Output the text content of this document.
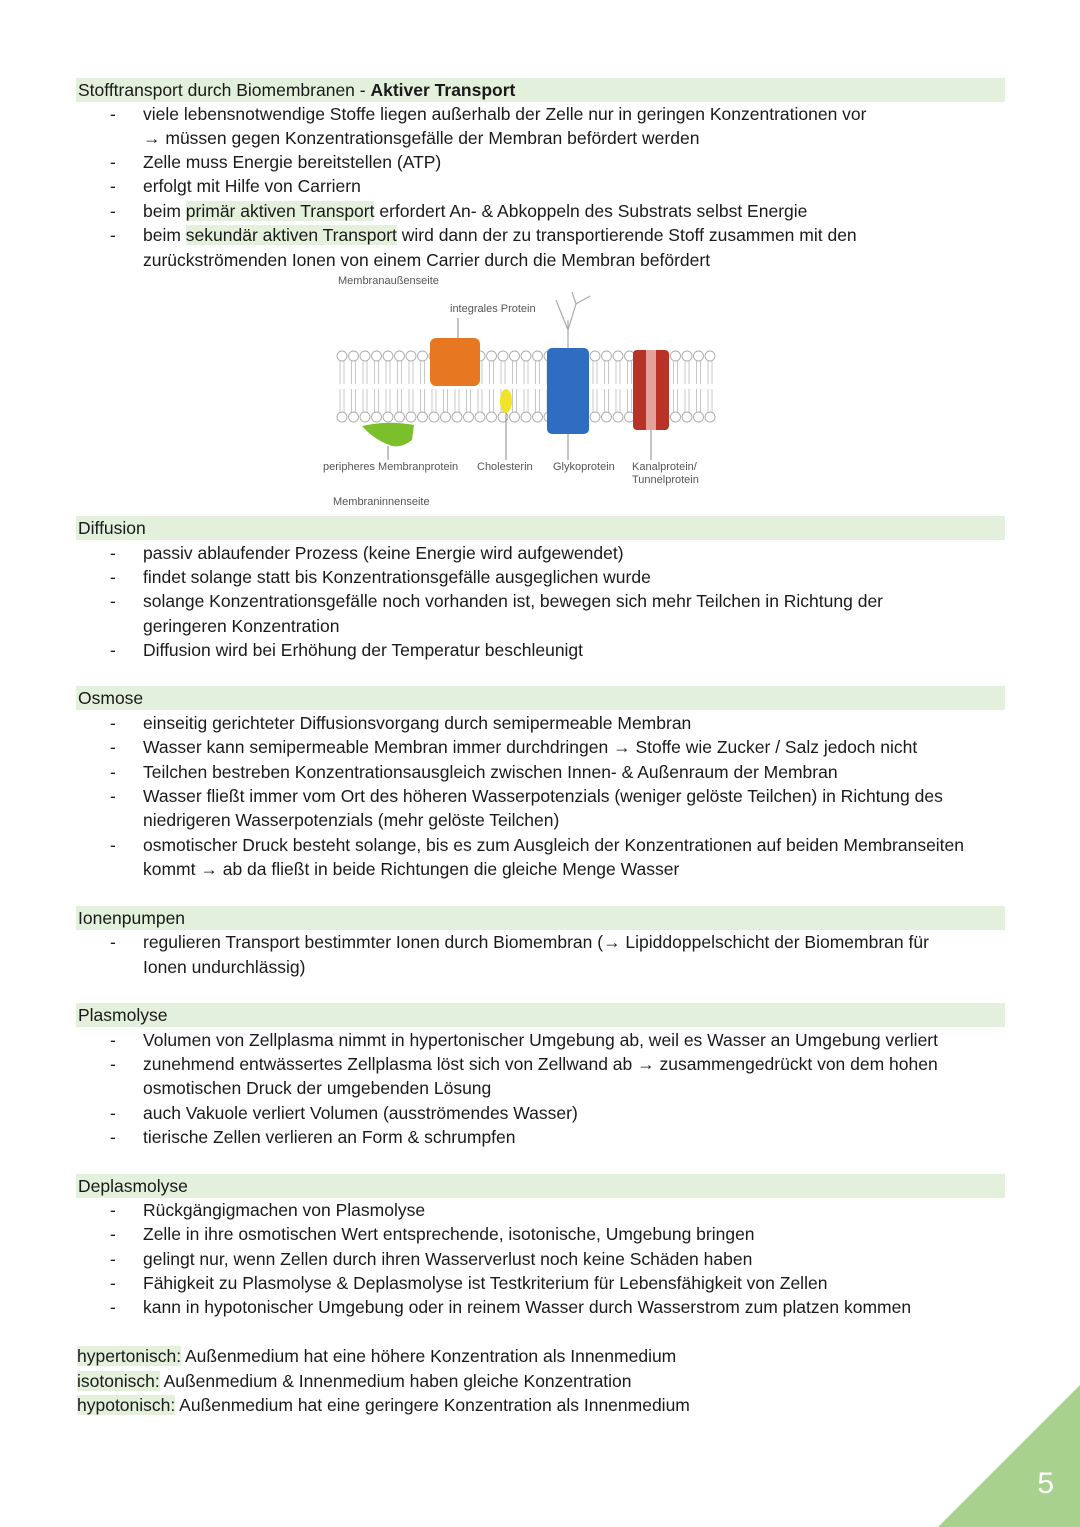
Stofftransport durch Biomembranen - Aktiver Transport
-	viele lebensnotwendige Stoffe liegen außerhalb der Zelle nur in geringen Konzentrationen vor
→ müssen gegen Konzentrationsgefälle der Membran befördert werden
-	Zelle muss Energie bereitstellen (ATP)
-	erfolgt mit Hilfe von Carriern
-	beim primär aktiven Transport erfordert An- & Abkoppeln des Substrats selbst Energie
-	beim sekundär aktiven Transport wird dann der zu transportierende Stoff zusammen mit den
zurückströmenden Ionen von einem Carrier durch die Membran befördert
Membranaußenseite
integrales Protein
peripheres Membranprotein Cholesterin Glykoprotein Kanalprotein/
Tunnelprotein
Membraninnenseite
Diffusion
-	passiv ablaufender Prozess (keine Energie wird aufgewendet)
-	findet solange statt bis Konzentrationsgefälle ausgeglichen wurde
-	solange Konzentrationsgefälle noch vorhanden ist, bewegen sich mehr Teilchen in Richtung der
geringeren Konzentration
-	Diffusion wird bei Erhöhung der Temperatur beschleunigt
Osmose
-	einseitig gerichteter Diffusionsvorgang durch semipermeable Membran
-	Wasser kann semipermeable Membran immer durchdringen → Stoffe wie Zucker / Salz jedoch nicht
-	Teilchen bestreben Konzentrationsausgleich zwischen Innen- & Außenraum der Membran
-	Wasser fließt immer vom Ort des höheren Wasserpotenzials (weniger gelöste Teilchen) in Richtung des
niedrigeren Wasserpotenzials (mehr gelöste Teilchen)
-	osmotischer Druck besteht solange, bis es zum Ausgleich der Konzentrationen auf beiden Membranseiten
kommt → ab da fließt in beide Richtungen die gleiche Menge Wasser
Ionenpumpen
-	regulieren Transport bestimmter Ionen durch Biomembran (→ Lipiddoppelschicht der Biomembran für
Ionen undurchlässig)
Plasmolyse
-	Volumen von Zellplasma nimmt in hypertonischer Umgebung ab, weil es Wasser an Umgebung verliert
-	zunehmend entwässertes Zellplasma löst sich von Zellwand ab → zusammengedrückt von dem hohen
osmotischen Druck der umgebenden Lösung
-	auch Vakuole verliert Volumen (ausströmendes Wasser)
-	tierische Zellen verlieren an Form & schrumpfen
Deplasmolyse
-	Rückgängigmachen von Plasmolyse
-	Zelle in ihre osmotischen Wert entsprechende, isotonische, Umgebung bringen
-	gelingt nur, wenn Zellen durch ihren Wasserverlust noch keine Schäden haben
-	Fähigkeit zu Plasmolyse & Deplasmolyse ist Testkriterium für Lebensfähigkeit von Zellen
-	kann in hypotonischer Umgebung oder in reinem Wasser durch Wasserstrom zum platzen kommen
hypertonisch: Außenmedium hat eine höhere Konzentration als Innenmedium
isotonisch: Außenmedium & Innenmedium haben gleiche Konzentration
hypotonisch: Außenmedium hat eine geringere Konzentration als Innenmedium
5
